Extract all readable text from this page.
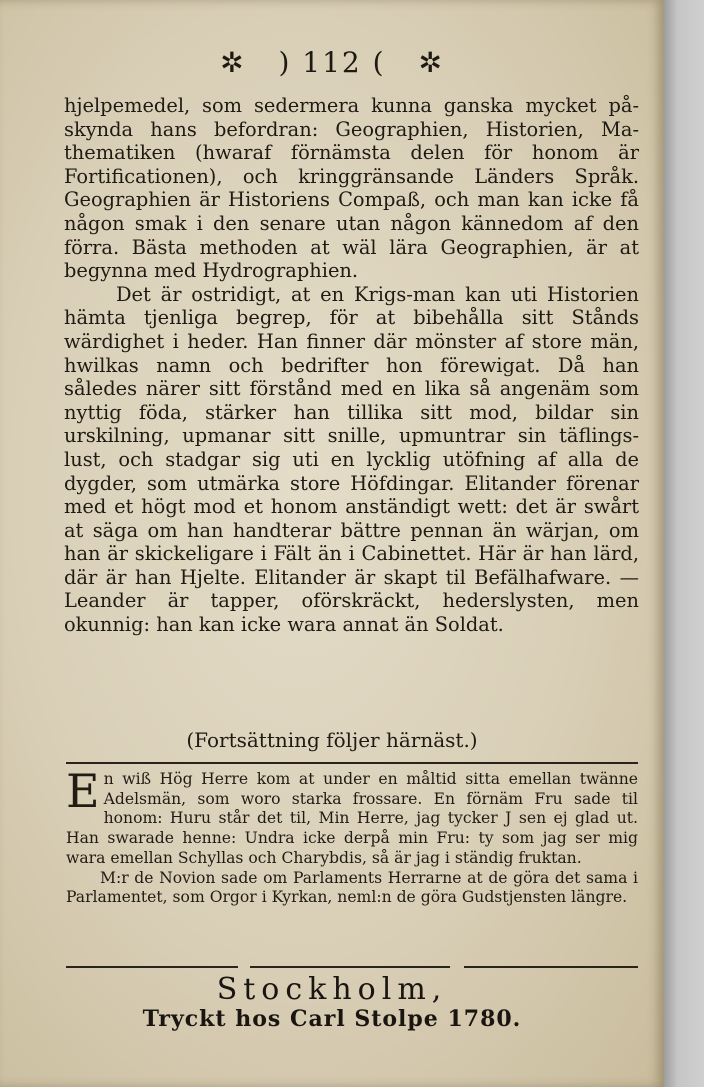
✲ ) 112 ( ✲

hjelpemedel, som sedermera kunna ganska mycket påskynda hans befordran: Geographien, Historien, Mathematiken (hwaraf förnämsta delen för honom är Fortificationen), och kringgränsande Länders Språk. Geographien är Historiens Compaß, och man kan icke få någon smak i den senare utan någon kännedom af den förra. Bästa methoden at wäl lära Geographien, är at begynna med Hydrographien.

Det är ostridigt, at en Krigs-man kan uti Historien hämta tjenliga begrep, för at bibehålla sitt Stånds wärdighet i heder. Han finner där mönster af store män, hwilkas namn och bedrifter hon förewigat. Då han således närer sitt förstånd med en lika så angenäm som nyttig föda, stärker han tillika sitt mod, bildar sin urskilning, upmanar sitt snille, upmuntrar sin täflings-lust, och stadgar sig uti en lycklig utöfning af alla de dygder, som utmärka store Höfdingar. Elitander förenar med et högt mod et honom anständigt wett: det är swårt at säga om han handterar bättre pennan än wärjan, om han är skickeligare i Fält än i Cabinettet. Här är han lärd, där är han Hjelte. Elitander är skapt til Befälhafware. — Leander är tapper, oförskräckt, hederslysten, men okunnig: han kan icke wara annat än Soldat.

(Fortsättning följer härnäst.)

En wiß Hög Herre kom at under en måltid sitta emellan twänne Adelsmän, som woro starka frossare. En förnäm Fru sade til honom: Huru står det til, Min Herre, jag tycker J sen ej glad ut. Han swarade henne: Undra icke derpå min Fru: ty som jag ser mig wara emellan Schyllas och Charybdis, så är jag i ständig fruktan.

M:r de Novion sade om Parlaments Herrarne at de göra det sama i Parlamentet, som Orgor i Kyrkan, neml:n de göra Gudstjensten längre.

Stockholm,
Tryckt hos Carl Stolpe 1780.
